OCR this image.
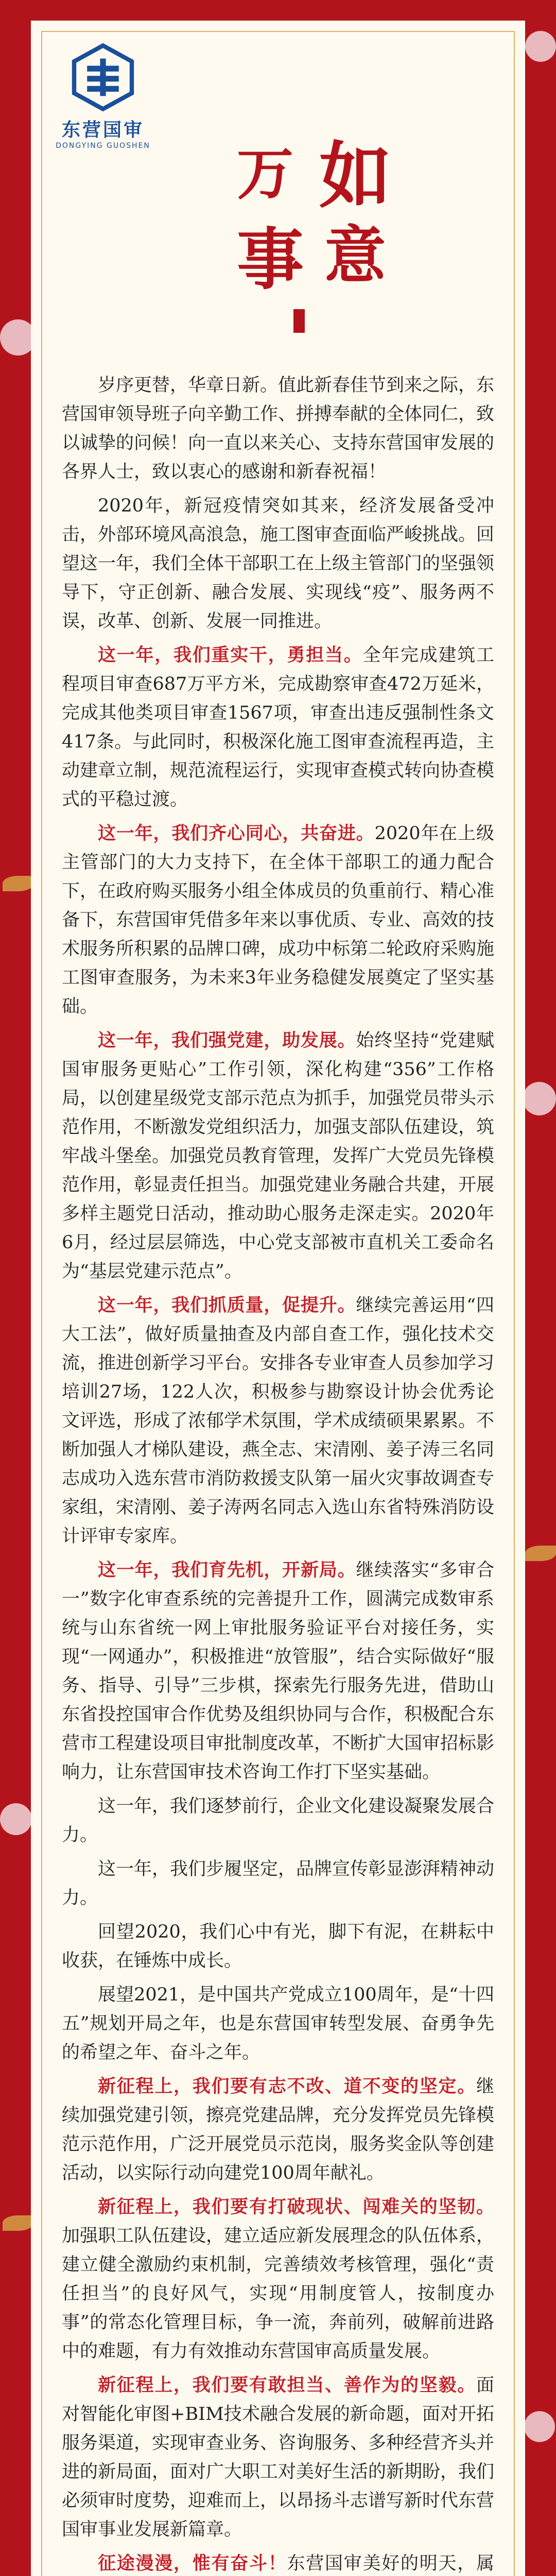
东营国审
DONGYING GUOSHEN 万
事
如
意

岁序更替，华章日新。值此新春佳节到来之际，东营国审领导班子向辛勤工作、拼搏奉献的全体同仁，致以诚挚的问候！向一直以来关心、支持东营国审发展的各界人士，致以衷心的感谢和新春祝福！

2020年，新冠疫情突如其来，经济发展备受冲击，外部环境风高浪急，施工图审查面临严峻挑战。回望这一年，我们全体干部职工在上级主管部门的坚强领导下，守正创新、融合发展、实现线“疫”、服务两不误，改革、创新、发展一同推进。

这一年，我们重实干，勇担当。全年完成建筑工程项目审查687万平方米，完成勘察审查472万延米，完成其他类项目审查1567项，审查出违反强制性条文417条。与此同时，积极深化施工图审查流程再造，主动建章立制，规范流程运行，实现审查模式转向协查模式的平稳过渡。

这一年，我们齐心同心，共奋进。2020年在上级主管部门的大力支持下，在全体干部职工的通力配合下，在政府购买服务小组全体成员的负重前行、精心准备下，东营国审凭借多年来以事优质、专业、高效的技术服务所积累的品牌口碑，成功中标第二轮政府采购施工图审查服务，为未来3年业务稳健发展奠定了坚实基础。

这一年，我们强党建，助发展。始终坚持“党建赋国审服务更贴心”工作引领，深化构建“356”工作格局，以创建星级党支部示范点为抓手，加强党员带头示范作用，不断激发党组织活力，加强支部队伍建设，筑牢战斗堡垒。加强党员教育管理，发挥广大党员先锋模范作用，彰显责任担当。加强党建业务融合共建，开展多样主题党日活动，推动助心服务走深走实。2020年6月，经过层层筛选，中心党支部被市直机关工委命名为“基层党建示范点”。

这一年，我们抓质量，促提升。继续完善运用“四大工法”，做好质量抽查及内部自查工作，强化技术交流，推进创新学习平台。安排各专业审查人员参加学习培训27场，122人次，积极参与勘察设计协会优秀论文评选，形成了浓郁学术氛围，学术成绩硕果累累。不断加强人才梯队建设，燕全志、宋清刚、姜子涛三名同志成功入选东营市消防救援支队第一届火灾事故调查专家组，宋清刚、姜子涛两名同志入选山东省特殊消防设计评审专家库。

这一年，我们育先机，开新局。继续落实“多审合一”数字化审查系统的完善提升工作，圆满完成数审系统与山东省统一网上审批服务验证平台对接任务，实现“一网通办”，积极推进“放管服”，结合实际做好“服务、指导、引导”三步棋，探索先行服务先进，借助山东省投控国审合作优势及组织协同与合作，积极配合东营市工程建设项目审批制度改革，不断扩大国审招标影响力，让东营国审技术咨询工作打下坚实基础。

这一年，我们逐梦前行，企业文化建设凝聚发展合力。

这一年，我们步履坚定，品牌宣传彰显澎湃精神动力。

回望2020，我们心中有光，脚下有泥，在耕耘中收获，在锤炼中成长。

展望2021，是中国共产党成立100周年，是“十四五”规划开局之年，也是东营国审转型发展、奋勇争先的希望之年、奋斗之年。

新征程上，我们要有志不改、道不变的坚定。继续加强党建引领，擦亮党建品牌，充分发挥党员先锋模范示范作用，广泛开展党员示范岗，服务奖金队等创建活动，以实际行动向建党100周年献礼。

新征程上，我们要有打破现状、闯难关的坚韧。加强职工队伍建设，建立适应新发展理念的队伍体系，建立健全激励约束机制，完善绩效考核管理，强化“责任担当”的良好风气，实现“用制度管人，按制度办事”的常态化管理目标，争一流，奔前列，破解前进路中的难题，有力有效推动东营国审高质量发展。

新征程上，我们要有敢担当、善作为的坚毅。面对智能化审图+BIM技术融合发展的新命题，面对开拓服务渠道，实现审查业务、咨询服务、多种经营齐头并进的新局面，面对广大职工对美好生活的新期盼，我们必须审时度势，迎难而上，以昂扬斗志谱写新时代东营国审事业发展新篇章。

征途漫漫，惟有奋斗！东营国审美好的明天，属
